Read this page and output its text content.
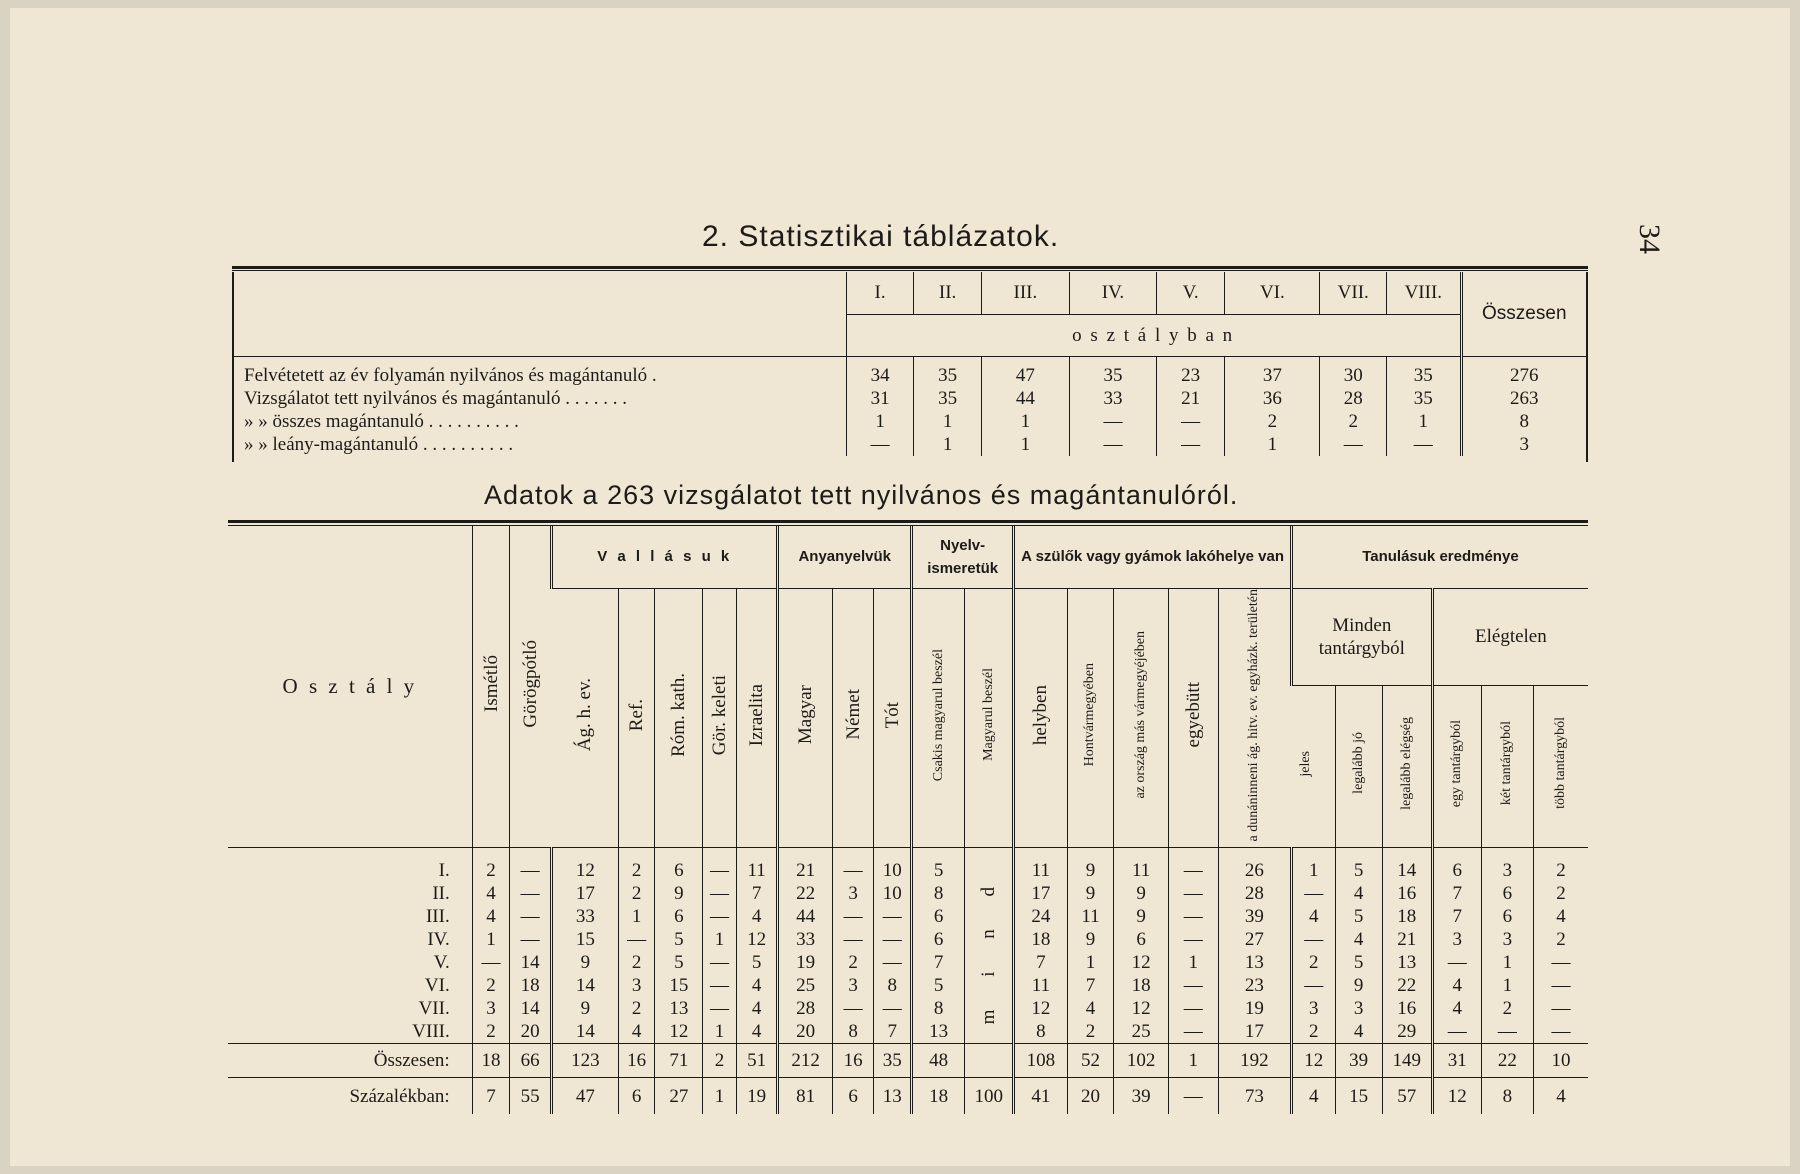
2. Statisztikai táblázatok.	34
	I.	II.	III.	IV.	V.	VI.	VII.	VIII.	Összesen
	o s z t á l y b a n								

Felvétetett az év folyamán nyilvános és magántanuló .	34	35	47	35	23	37	30	35	276
Vizsgálatot tett nyilvános és magántanuló . . . . . . .	31	35	44	33	21	36	28	35	263
» » összes magántanuló . . . . . . . . . .	1	1	1	—	—	2	2	1	8
» » leány-magántanuló . . . . . . . . . .	—	1	1	—	—	1	—	—	3
Adatok a 263 vizsgálatot tett nyilvános és magántanulóról.
O s z t á l y	Ismétlő	Görögpótló	V a l l á s u k					Anyanyelvük			Nyelv-ismeretük		A szülők vagy gyámok lakóhelye van					Tanulásuk eredménye					
			Ág. h. ev.	Ref.	Róm. kath.	Gör. keleti	Izraelita	Magyar	Német	Tót	Csakis magyarul beszél	Magyarul beszél	helyben	Hontvármegyében	az ország más vármegyéjében	egyebütt	a dunáninneni ág. hitv. ev. egyházk. területén	Minden tantárgyból			Elégtelen		
																		jeles	legalább jó	legalább elégség	egy tantárgyból	két tantárgyból	több tantárgyból

I.	2	—	12	2	6	—	11	21	—	10	5	m i n d	11	9	11	—	26	1	5	14	6	3	2
II.	4	—	17	2	9	—	7	22	3	10	8		17	9	9	—	28	—	4	16	7	6	2
III.	4	—	33	1	6	—	4	44	—	—	6		24	11	9	—	39	4	5	18	7	6	4
IV.	1	—	15	—	5	1	12	33	—	—	6		18	9	6	—	27	—	4	21	3	3	2
V.	—	14	9	2	5	—	5	19	2	—	7		7	1	12	1	13	2	5	13	—	1	—
VI.	2	18	14	3	15	—	4	25	3	8	5		11	7	18	—	23	—	9	22	4	1	—
VII.	3	14	9	2	13	—	4	28	—	—	8		12	4	12	—	19	3	3	16	4	2	—
VIII.	2	20	14	4	12	1	4	20	8	7	13		8	2	25	—	17	2	4	29	—	—	—
Összesen:	18	66	123	16	71	2	51	212	16	35	48		108	52	102	1	192	12	39	149	31	22	10
Százalékban:	7	55	47	6	27	1	19	81	6	13	18	100	41	20	39	—	73	4	15	57	12	8	4
